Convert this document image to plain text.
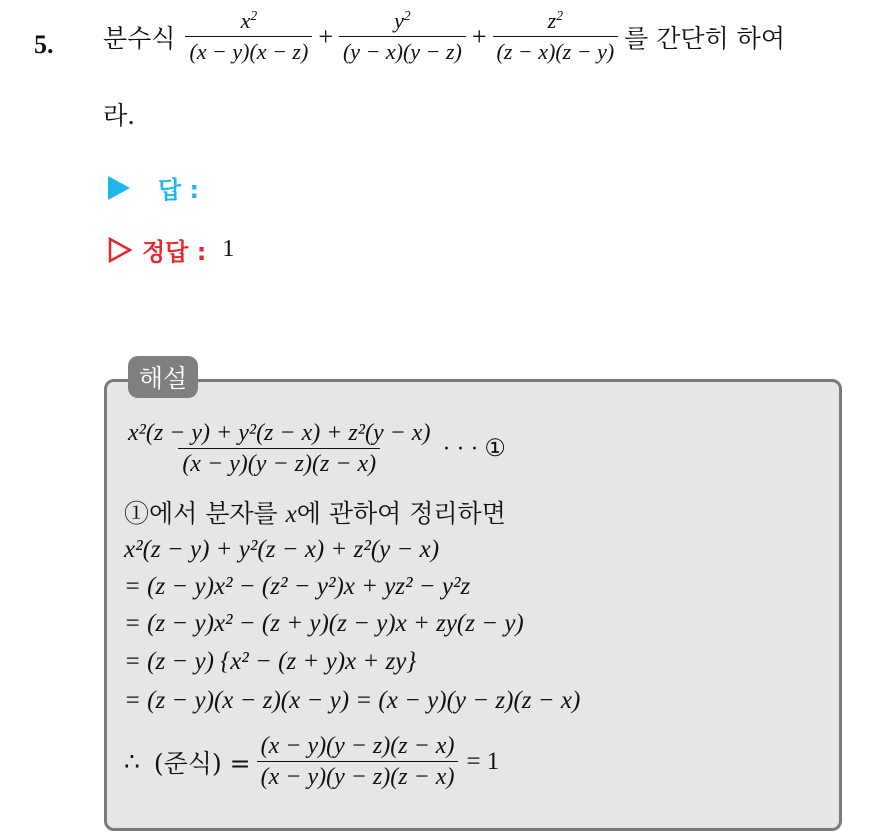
5. 분수식 $\frac{x^2}{(x - y)(x - z)} + \frac{y^2}{(y - x)(y - z)} + \frac{z^2}{(z - x)(z - y)}$ 를 간단히 하여
라.
답 :
정답 : 1
해설
$\frac{\text{x²(z − y) + y²(z − x) + z²(y − x)}}{(x - y)(y - z)(z - x)}$ · · · ①
①에서 분자를 x에 관하여 정리하면
x²(z − y) + y²(z − x) + z²(y − x)
= (z − y)x² − (z² − y²)x + yz² − y²z
= (z − y)x² − (z + y)(z − y)x + zy(z − y)
= (z − y) {x² − (z + y)x + zy}
= (z − y)(x − z)(x − y) = (x − y)(y − z)(z − x)
∴ (준식) = $\frac{(x - y)(y - z)(z - x)}{(x - y)(y - z)(z - x)} = 1$
